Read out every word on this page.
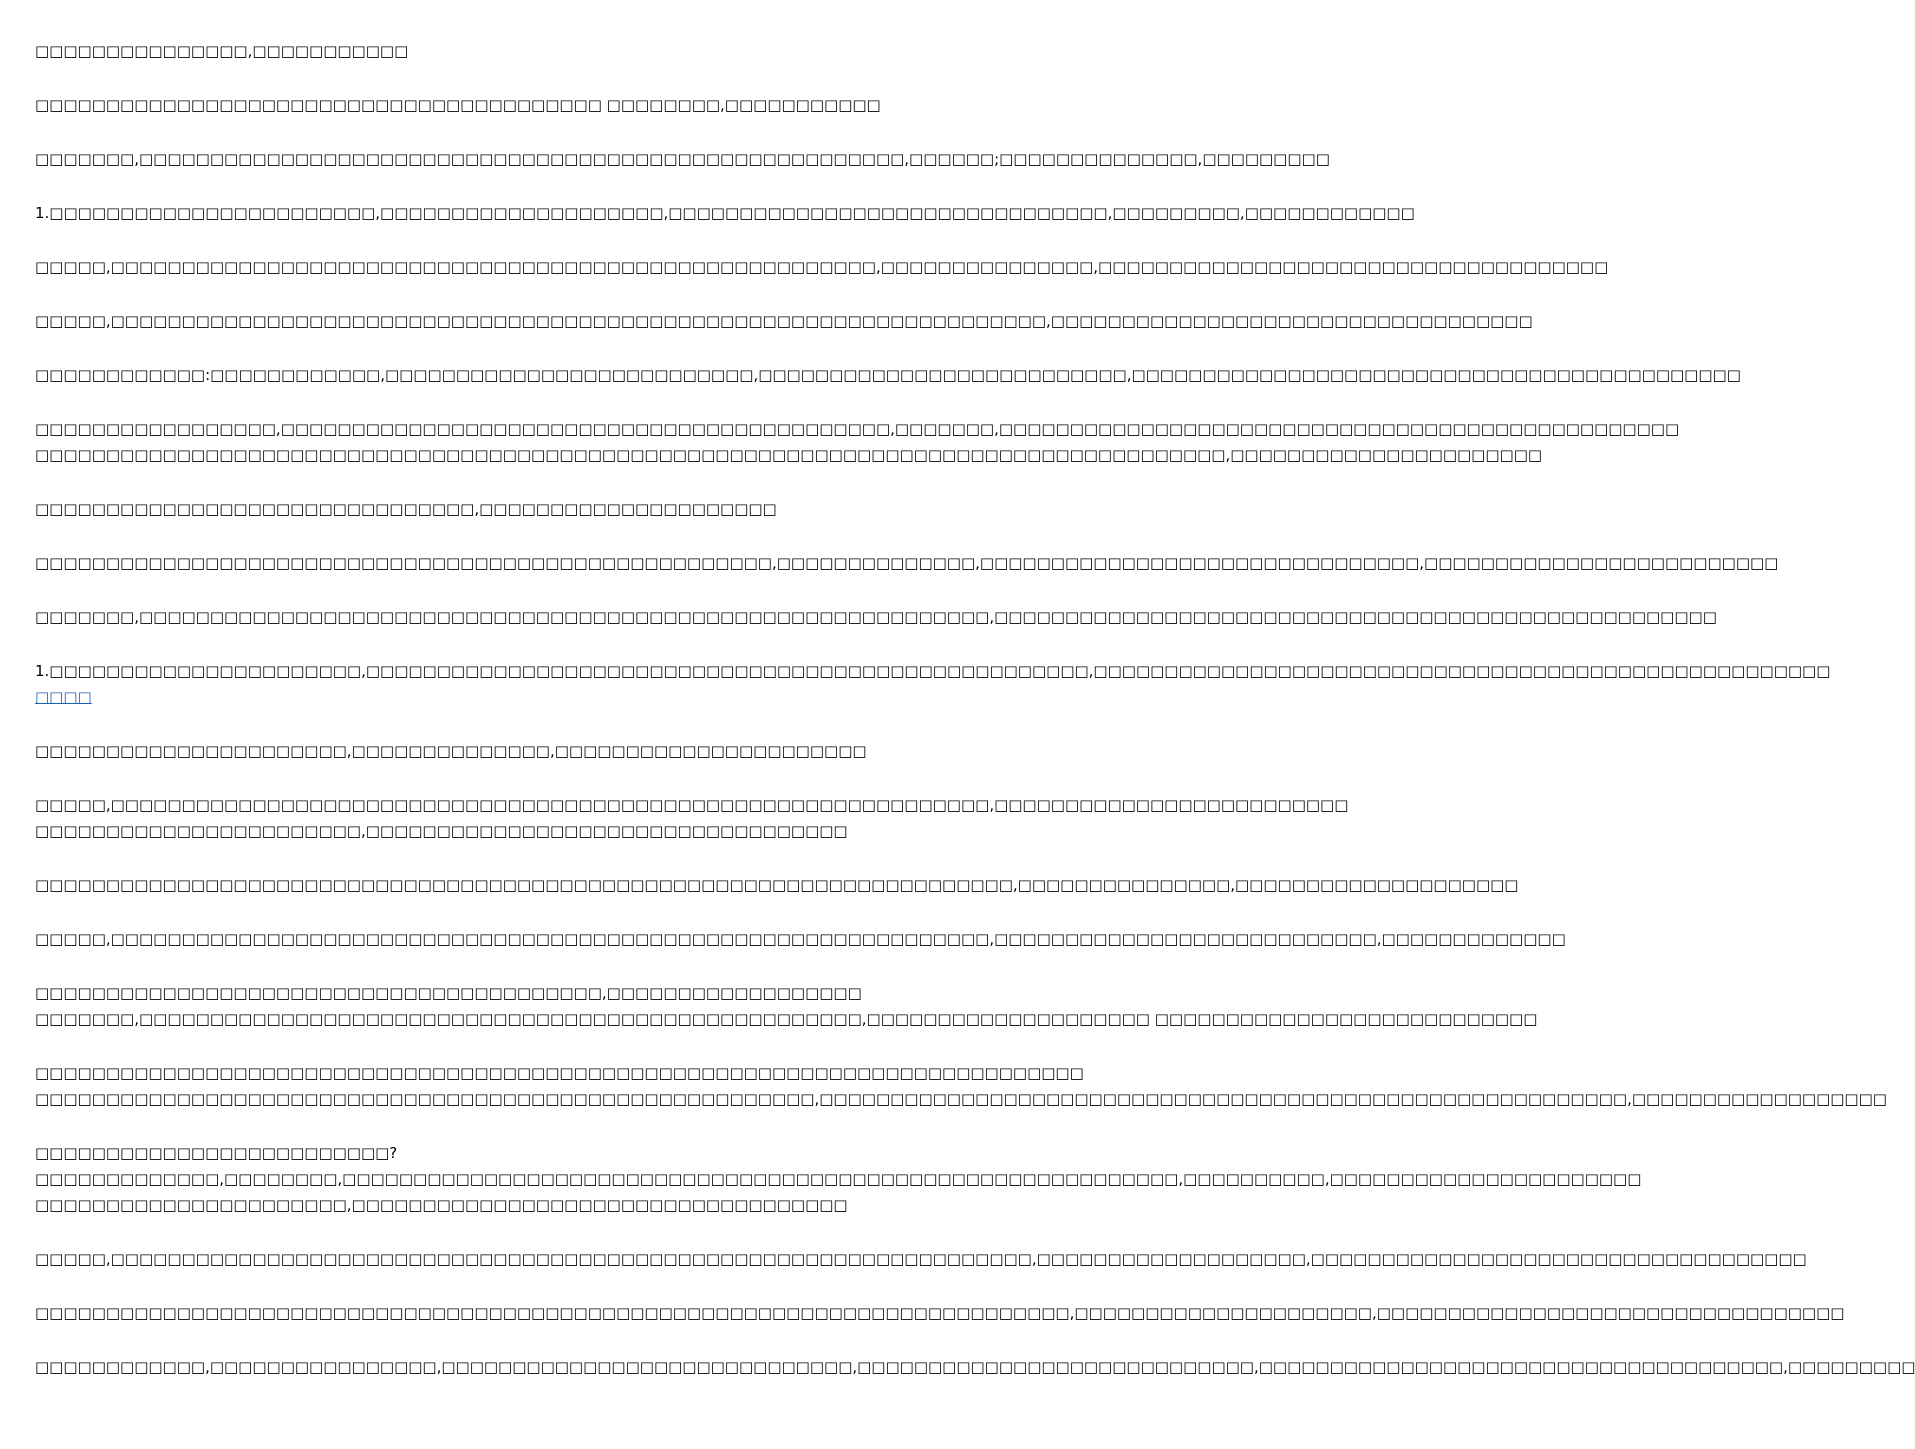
□□□□□□□□□□□□□□□,□□□□□□□□□□□
□□□□□□□□□□□□□□□□□□□□□□□□□□□□□□□□□□□□□□□□ □□□□□□□□,□□□□□□□□□□□
□□□□□□□,□□□□□□□□□□□□□□□□□□□□□□□□□□□□□□□□□□□□□□□□□□□□□□□□□□□□□□,□□□□□□;□□□□□□□□□□□□□□,□□□□□□□□□
1.□□□□□□□□□□□□□□□□□□□□□□□,□□□□□□□□□□□□□□□□□□□□,□□□□□□□□□□□□□□□□□□□□□□□□□□□□□□□,□□□□□□□□□,□□□□□□□□□□□□
□□□□□,□□□□□□□□□□□□□□□□□□□□□□□□□□□□□□□□□□□□□□□□□□□□□□□□□□□□□□,□□□□□□□□□□□□□□□,□□□□□□□□□□□□□□□□□□□□□□□□□□□□□□□□□□□□
□□□□□,□□□□□□□□□□□□□□□□□□□□□□□□□□□□□□□□□□□□□□□□□□□□□□□□□□□□□□□□□□□□□□□□□□,□□□□□□□□□□□□□□□□□□□□□□□□□□□□□□□□□□
□□□□□□□□□□□□:□□□□□□□□□□□□,□□□□□□□□□□□□□□□□□□□□□□□□□□,□□□□□□□□□□□□□□□□□□□□□□□□□□,□□□□□□□□□□□□□□□□□□□□□□□□□□□□□□□□□□□□□□□□□□□
□□□□□□□□□□□□□□□□□,□□□□□□□□□□□□□□□□□□□□□□□□□□□□□□□□□□□□□□□□□□□,□□□□□□□,□□□□□□□□□□□□□□□□□□□□□□□□□□□□□□□□□□□□□□□□□□□□□□□□
□□□□□□□□□□□□□□□□□□□□□□□□□□□□□□□□□□□□□□□□□□□□□□□□□□□□□□□□□□□□□□□□□□□□□□□□□□□□□□□□□□□□,□□□□□□□□□□□□□□□□□□□□□□
□□□□□□□□□□□□□□□□□□□□□□□□□□□□□□□,□□□□□□□□□□□□□□□□□□□□□
□□□□□□□□□□□□□□□□□□□□□□□□□□□□□□□□□□□□□□□□□□□□□□□□□□□□,□□□□□□□□□□□□□□,□□□□□□□□□□□□□□□□□□□□□□□□□□□□□□□,□□□□□□□□□□□□□□□□□□□□□□□□□
□□□□□□□,□□□□□□□□□□□□□□□□□□□□□□□□□□□□□□□□□□□□□□□□□□□□□□□□□□□□□□□□□□□□,□□□□□□□□□□□□□□□□□□□□□□□□□□□□□□□□□□□□□□□□□□□□□□□□□□□
1.□□□□□□□□□□□□□□□□□□□□□□,□□□□□□□□□□□□□□□□□□□□□□□□□□□□□□□□□□□□□□□□□□□□□□□□□□□,□□□□□□□□□□□□□□□□□□□□□□□□□□□□□□□□□□□□□□□□□□□□□□□□□□□□
□□□□
□□□□□□□□□□□□□□□□□□□□□□,□□□□□□□□□□□□□□,□□□□□□□□□□□□□□□□□□□□□□
□□□□□,□□□□□□□□□□□□□□□□□□□□□□□□□□□□□□□□□□□□□□□□□□□□□□□□□□□□□□□□□□□□□□,□□□□□□□□□□□□□□□□□□□□□□□□□
□□□□□□□□□□□□□□□□□□□□□□□,□□□□□□□□□□□□□□□□□□□□□□□□□□□□□□□□□□
□□□□□□□□□□□□□□□□□□□□□□□□□□□□□□□□□□□□□□□□□□□□□□□□□□□□□□□□□□□□□□□□□□□□□,□□□□□□□□□□□□□□□,□□□□□□□□□□□□□□□□□□□□
□□□□□,□□□□□□□□□□□□□□□□□□□□□□□□□□□□□□□□□□□□□□□□□□□□□□□□□□□□□□□□□□□□□□,□□□□□□□□□□□□□□□□□□□□□□□□□□□,□□□□□□□□□□□□□
□□□□□□□□□□□□□□□□□□□□□□□□□□□□□□□□□□□□□□□□,□□□□□□□□□□□□□□□□□□
□□□□□□□,□□□□□□□□□□□□□□□□□□□□□□□□□□□□□□□□□□□□□□□□□□□□□□□□□□□,□□□□□□□□□□□□□□□□□□□□ □□□□□□□□□□□□□□□□□□□□□□□□□□□
□□□□□□□□□□□□□□□□□□□□□□□□□□□□□□□□□□□□□□□□□□□□□□□□□□□□□□□□□□□□□□□□□□□□□□□□□□
□□□□□□□□□□□□□□□□□□□□□□□□□□□□□□□□□□□□□□□□□□□□□□□□□□□□□□□,□□□□□□□□□□□□□□□□□□□□□□□□□□□□□□□□□□□□□□□□□□□□□□□□□□□□□□□□□,□□□□□□□□□□□□□□□□□□
□□□□□□□□□□□□□□□□□□□□□□□□□?
□□□□□□□□□□□□□,□□□□□□□□,□□□□□□□□□□□□□□□□□□□□□□□□□□□□□□□□□□□□□□□□□□□□□□□□□□□□□□□□□□□,□□□□□□□□□□,□□□□□□□□□□□□□□□□□□□□□□
□□□□□□□□□□□□□□□□□□□□□□,□□□□□□□□□□□□□□□□□□□□□□□□□□□□□□□□□□□
□□□□□,□□□□□□□□□□□□□□□□□□□□□□□□□□□□□□□□□□□□□□□□□□□□□□□□□□□□□□□□□□□□□□□□□,□□□□□□□□□□□□□□□□□□□,□□□□□□□□□□□□□□□□□□□□□□□□□□□□□□□□□□□
□□□□□□□□□□□□□□□□□□□□□□□□□□□□□□□□□□□□□□□□□□□□□□□□□□□□□□□□□□□□□□□□□□□□□□□□□,□□□□□□□□□□□□□□□□□□□□□,□□□□□□□□□□□□□□□□□□□□□□□□□□□□□□□□□
□□□□□□□□□□□□,□□□□□□□□□□□□□□□□,□□□□□□□□□□□□□□□□□□□□□□□□□□□□□,□□□□□□□□□□□□□□□□□□□□□□□□□□□□,□□□□□□□□□□□□□□□□□□□□□□□□□□□□□□□□□□□□□,□□□□□□□□□
